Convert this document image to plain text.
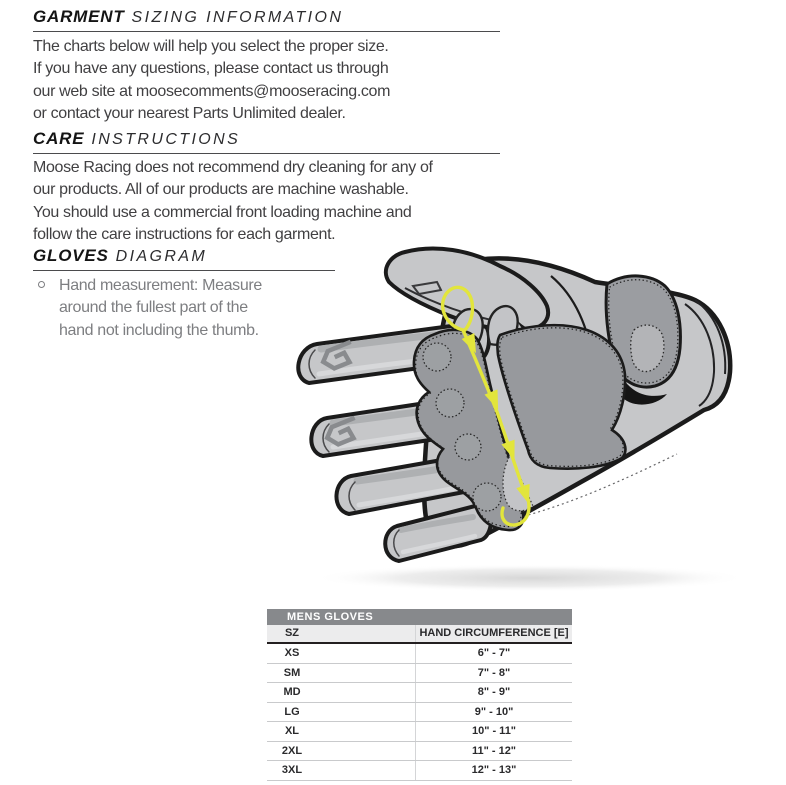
GARMENT SIZING INFORMATION
The charts below will help you select the proper size.
If you have any questions, please contact us through
our web site at moosecomments@mooseracing.com
or contact your nearest Parts Unlimited dealer.
CARE INSTRUCTIONS
Moose Racing does not recommend dry cleaning for any of
our products. All of our products are machine washable.
You should use a commercial front loading machine and
follow the care instructions for each garment.
GLOVES DIAGRAM
Hand measurement: Measure
around the fullest part of the
hand not including the thumb.
MENS GLOVES
SZ	HAND CIRCUMFERENCE [E]
XS	6" - 7"
SM	7" - 8"
MD	8" - 9"
LG	9" - 10"
XL	10" - 11"
2XL	11" - 12"
3XL	12" - 13"
